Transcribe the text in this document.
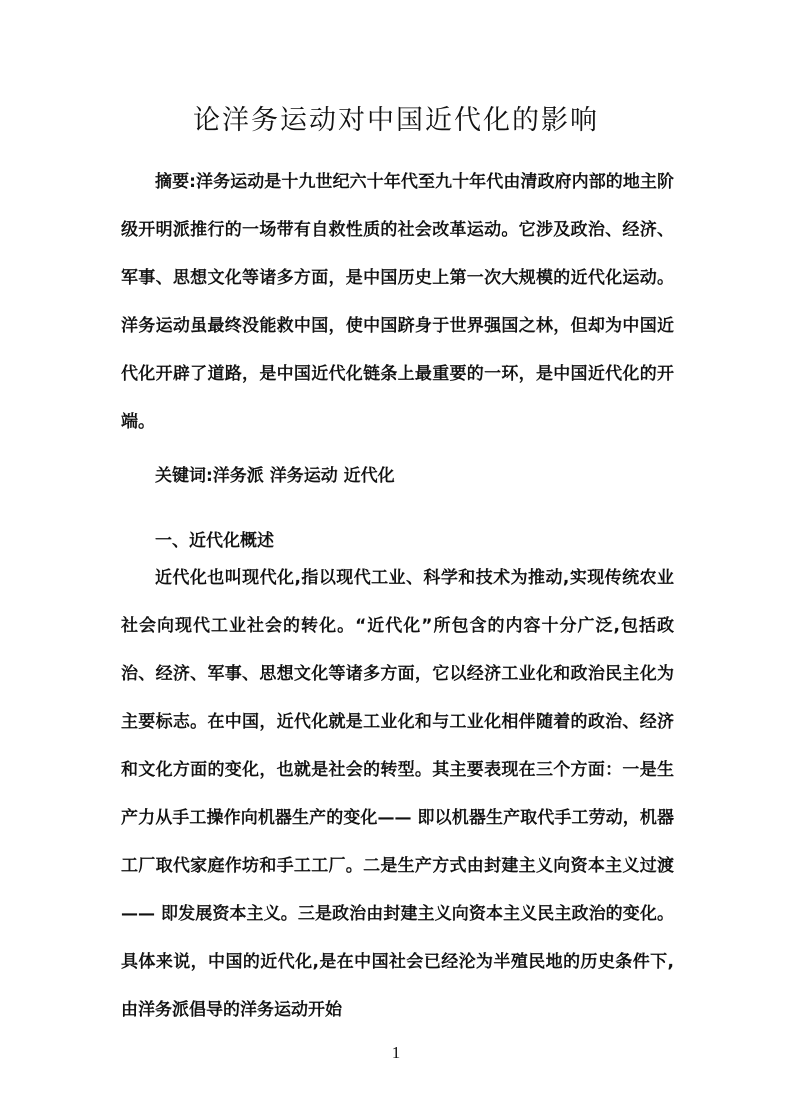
论洋务运动对中国近代化的影响

摘要:洋务运动是十九世纪六十年代至九十年代由清政府内部的地主阶级开明派推行的一场带有自救性质的社会改革运动。它涉及政治、经济、军事、思想文化等诸多方面，是中国历史上第一次大规模的近代化运动。洋务运动虽最终没能救中国，使中国跻身于世界强国之林，但却为中国近代化开辟了道路，是中国近代化链条上最重要的一环，是中国近代化的开端。

关键词:洋务派 洋务运动 近代化

一、近代化概述

近代化也叫现代化,指以现代工业、科学和技术为推动,实现传统农业社会向现代工业社会的转化。“近代化”所包含的内容十分广泛,包括政治、经济、军事、思想文化等诸多方面，它以经济工业化和政治民主化为主要标志。在中国，近代化就是工业化和与工业化相伴随着的政治、经济和文化方面的变化，也就是社会的转型。其主要表现在三个方面：一是生产力从手工操作向机器生产的变化—— 即以机器生产取代手工劳动，机器工厂取代家庭作坊和手工工厂。二是生产方式由封建主义向资本主义过渡—— 即发展资本主义。三是政治由封建主义向资本主义民主政治的变化。具体来说，中国的近代化,是在中国社会已经沦为半殖民地的历史条件下,由洋务派倡导的洋务运动开始

1
